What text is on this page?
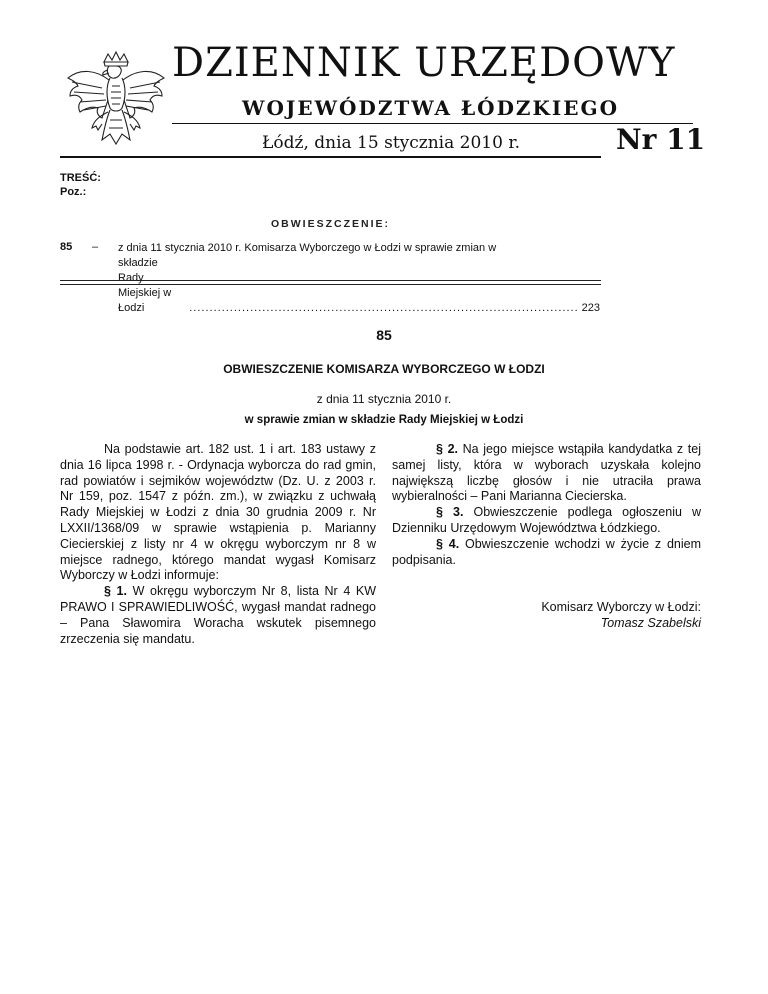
DZIENNIK URZĘDOWY
WOJEWÓDZTWA ŁÓDZKIEGO
Łódź, dnia 15 stycznia 2010 r.	Nr 11
TREŚĆ:
Poz.:
OBWIESZCZENIE:
85 – z dnia 11 stycznia 2010 r. Komisarza Wyborczego w Łodzi w sprawie zmian w
składzie Rady Miejskiej w Łodzi	................................................................................................ 223
85
OBWIESZCZENIE KOMISARZA WYBORCZEGO W ŁODZI
z dnia 11 stycznia 2010 r.
w sprawie zmian w składzie Rady Miejskiej w Łodzi

Na podstawie art. 182 ust. 1 i art. 183 ustawy z dnia 16 lipca 1998 r. - Ordynacja wyborcza do rad gmin, rad powiatów i sejmików województw (Dz. U. z 2003 r. Nr 159, poz. 1547 z późn. zm.), w związku z uchwałą Rady Miejskiej w Łodzi z dnia 30 grudnia 2009 r. Nr LXXII/1368/09 w sprawie wstąpienia p. Marianny Ciecierskiej z listy nr 4 w okręgu wyborczym nr 8 w miejsce radnego, którego mandat wygasł Komisarz Wyborczy w Łodzi informuje:

§ 1. W okręgu wyborczym Nr 8, lista Nr 4 KW PRAWO I SPRAWIEDLIWOŚĆ, wygasł mandat radnego – Pana Sławomira Woracha wskutek pisemnego zrzeczenia się mandatu.

§ 2. Na jego miejsce wstąpiła kandydatka z tej samej listy, która w wyborach uzyskała kolejno największą liczbę głosów i nie utraciła prawa wybieralności – Pani Marianna Ciecierska.

§ 3. Obwieszczenie podlega ogłoszeniu w Dzienniku Urzędowym Województwa Łódzkiego.

§ 4. Obwieszczenie wchodzi w życie z dniem podpisania.

Komisarz Wyborczy w Łodzi:
Tomasz Szabelski
